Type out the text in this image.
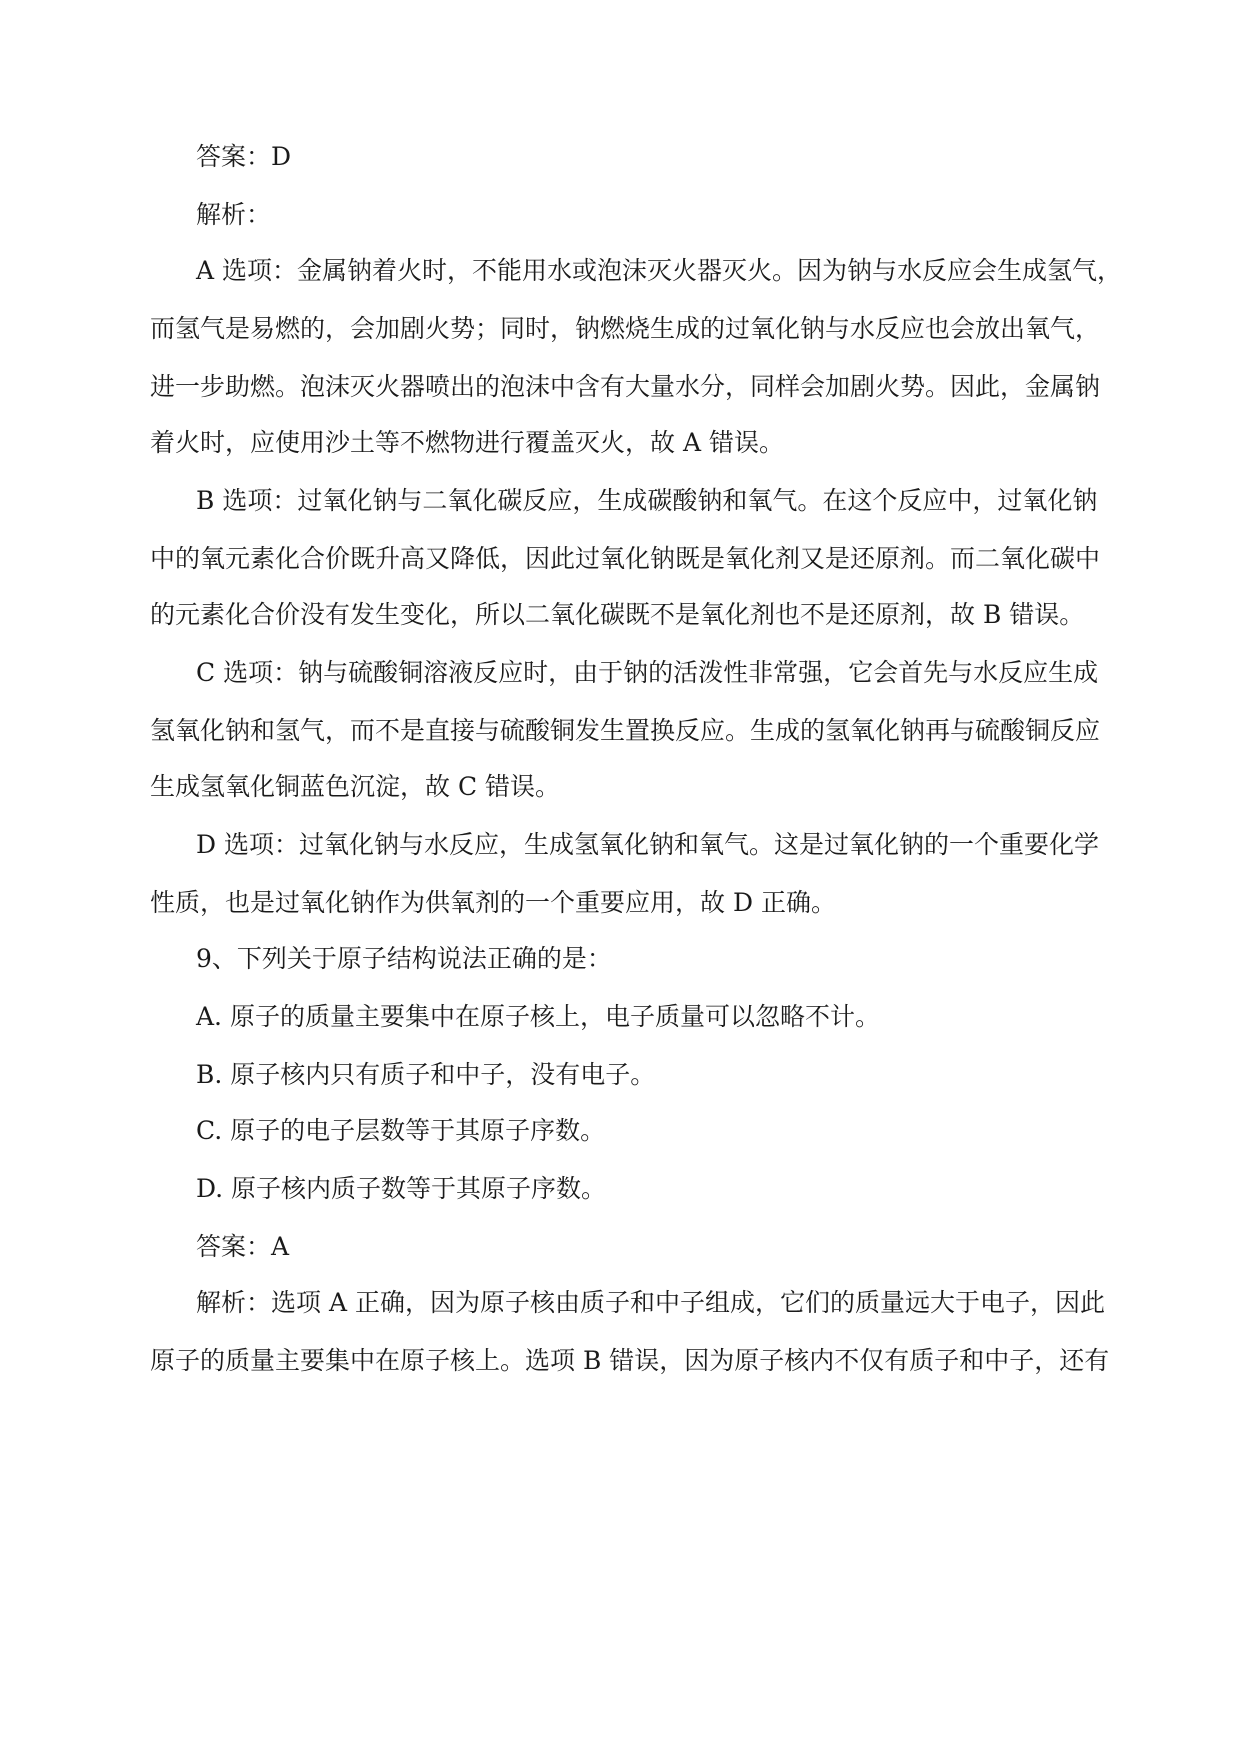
答案：D
解析：
A 选项：金属钠着火时，不能用水或泡沫灭火器灭火。因为钠与水反应会生成氢气，
而氢气是易燃的，会加剧火势；同时，钠燃烧生成的过氧化钠与水反应也会放出氧气，
进一步助燃。泡沫灭火器喷出的泡沫中含有大量水分，同样会加剧火势。因此，金属钠
着火时，应使用沙土等不燃物进行覆盖灭火，故 A 错误。
B 选项：过氧化钠与二氧化碳反应，生成碳酸钠和氧气。在这个反应中，过氧化钠
中的氧元素化合价既升高又降低，因此过氧化钠既是氧化剂又是还原剂。而二氧化碳中
的元素化合价没有发生变化，所以二氧化碳既不是氧化剂也不是还原剂，故 B 错误。
C 选项：钠与硫酸铜溶液反应时，由于钠的活泼性非常强，它会首先与水反应生成
氢氧化钠和氢气，而不是直接与硫酸铜发生置换反应。生成的氢氧化钠再与硫酸铜反应
生成氢氧化铜蓝色沉淀，故 C 错误。
D 选项：过氧化钠与水反应，生成氢氧化钠和氧气。这是过氧化钠的一个重要化学
性质，也是过氧化钠作为供氧剂的一个重要应用，故 D 正确。
9、下列关于原子结构说法正确的是：
A. 原子的质量主要集中在原子核上，电子质量可以忽略不计。
B. 原子核内只有质子和中子，没有电子。
C. 原子的电子层数等于其原子序数。
D. 原子核内质子数等于其原子序数。
答案：A
解析：选项 A 正确，因为原子核由质子和中子组成，它们的质量远大于电子，因此
原子的质量主要集中在原子核上。选项 B 错误，因为原子核内不仅有质子和中子，还有
